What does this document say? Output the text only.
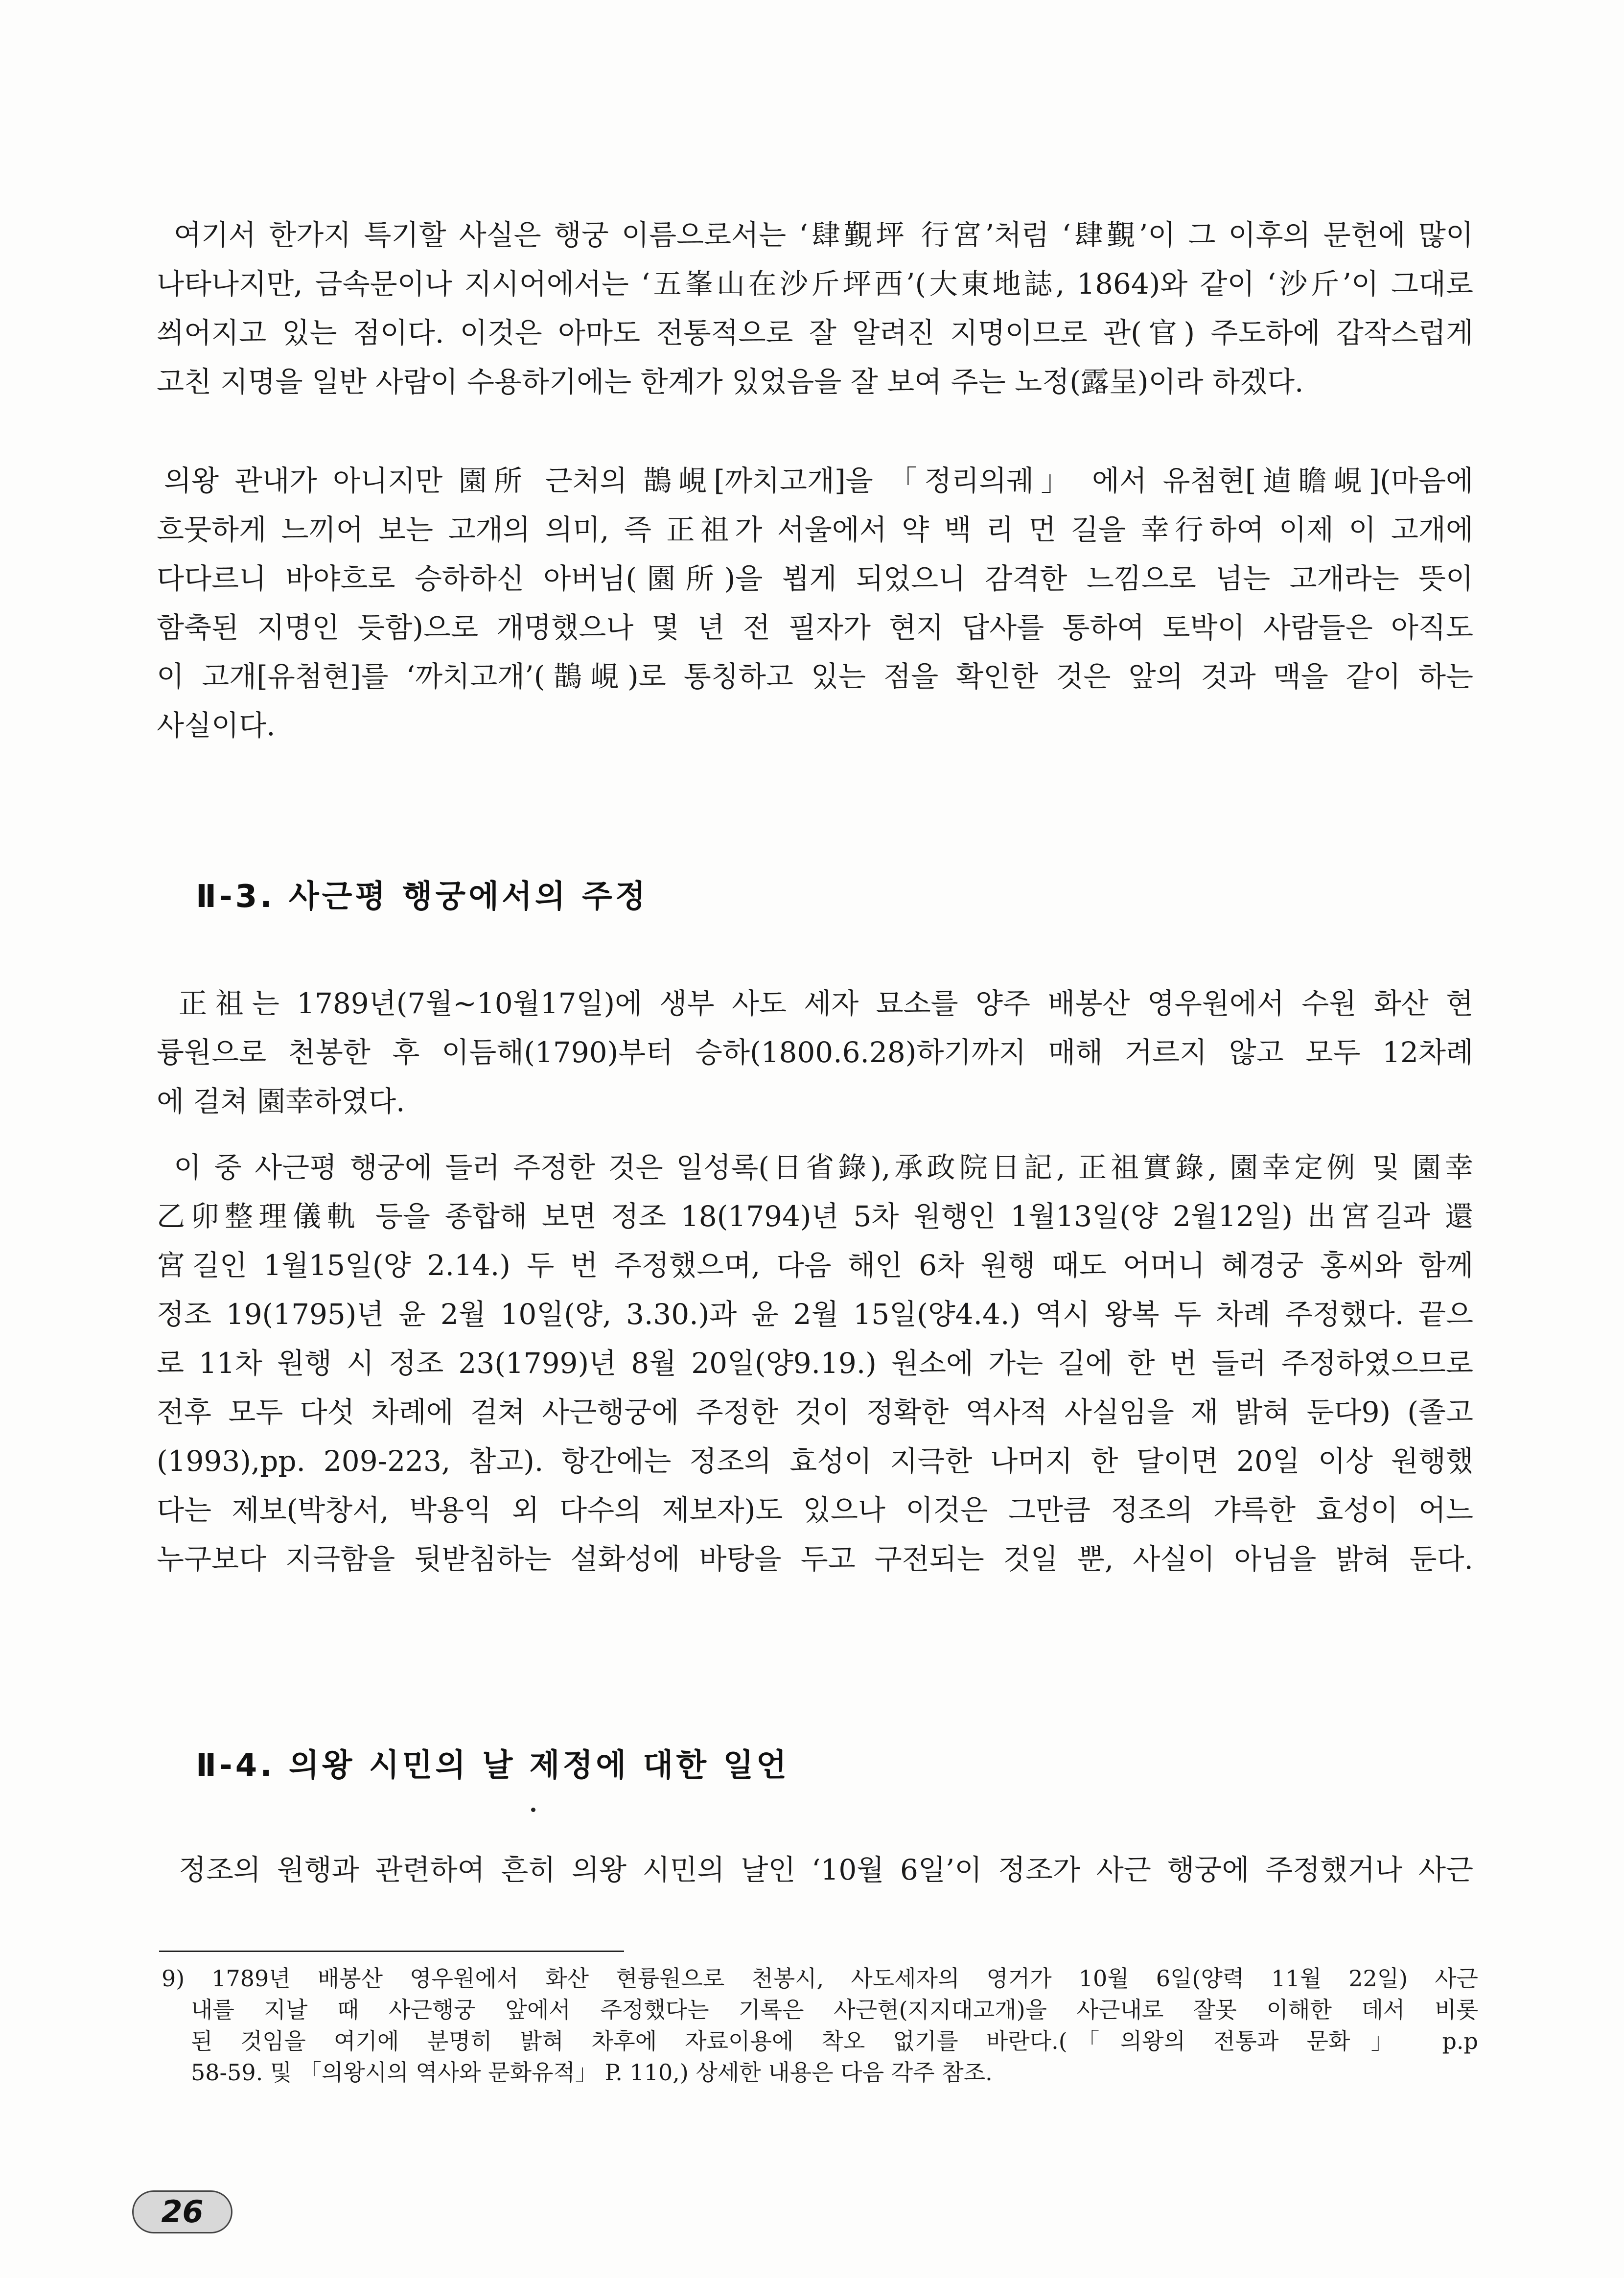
여기서 한가지 특기할 사실은 행궁 이름으로서는 ‘肆覲坪 行宮’처럼 ‘肆覲’이 그 이후의 문헌에 많이
나타나지만, 금속문이나 지시어에서는 ‘五峯山在沙斤坪西’(大東地誌, 1864)와 같이 ‘沙斤’이 그대로
씌어지고 있는 점이다. 이것은 아마도 전통적으로 잘 알려진 지명이므로 관(官) 주도하에 갑작스럽게
고친 지명을 일반 사람이 수용하기에는 한계가 있었음을 잘 보여 주는 노정(露呈)이라 하겠다.
의왕 관내가 아니지만 園所 근처의 鵲峴[까치고개]을 「정리의궤」 에서 유첨현[逌瞻峴](마음에
흐뭇하게 느끼어 보는 고개의 의미, 즉 正祖가 서울에서 약 백 리 먼 길을 幸行하여 이제 이 고개에
다다르니 바야흐로 승하하신 아버님(園所)을 뵙게 되었으니 감격한 느낌으로 넘는 고개라는 뜻이
함축된 지명인 듯함)으로 개명했으나 몇 년 전 필자가 현지 답사를 통하여 토박이 사람들은 아직도
이 고개[유첨현]를 ‘까치고개’(鵲峴)로 통칭하고 있는 점을 확인한 것은 앞의 것과 맥을 같이 하는
사실이다.
Ⅱ-3. 사근평 행궁에서의 주정
正祖는 1789년(7월~10월17일)에 생부 사도 세자 묘소를 양주 배봉산 영우원에서 수원 화산 현
륭원으로 천봉한 후 이듬해(1790)부터 승하(1800.6.28)하기까지 매해 거르지 않고 모두 12차례
에 걸쳐 園幸하였다.
이 중 사근평 행궁에 들러 주정한 것은 일성록(日省錄),承政院日記, 正祖實錄, 園幸定例 및 園幸
乙卯整理儀軌 등을 종합해 보면 정조 18(1794)년 5차 원행인 1월13일(양 2월12일) 出宮길과 還
宮길인 1월15일(양 2.14.) 두 번 주정했으며, 다음 해인 6차 원행 때도 어머니 혜경궁 홍씨와 함께
정조 19(1795)년 윤 2월 10일(양, 3.30.)과 윤 2월 15일(양4.4.) 역시 왕복 두 차례 주정했다. 끝으
로 11차 원행 시 정조 23(1799)년 8월 20일(양9.19.) 원소에 가는 길에 한 번 들러 주정하였으므로
전후 모두 다섯 차례에 걸쳐 사근행궁에 주정한 것이 정확한 역사적 사실임을 재 밝혀 둔다9) (졸고
(1993),pp. 209-223, 참고). 항간에는 정조의 효성이 지극한 나머지 한 달이면 20일 이상 원행했
다는 제보(박창서, 박용익 외 다수의 제보자)도 있으나 이것은 그만큼 정조의 갸륵한 효성이 어느
누구보다 지극함을 뒷받침하는 설화성에 바탕을 두고 구전되는 것일 뿐, 사실이 아님을 밝혀 둔다.
Ⅱ-4. 의왕 시민의 날 제정에 대한 일언
정조의 원행과 관련하여 흔히 의왕 시민의 날인 ‘10월 6일’이 정조가 사근 행궁에 주정했거나 사근
9) 1789년 배봉산 영우원에서 화산 현륭원으로 천봉시, 사도세자의 영거가 10월 6일(양력 11월 22일) 사근
내를 지날 때 사근행궁 앞에서 주정했다는 기록은 사근현(지지대고개)을 사근내로 잘못 이해한 데서 비롯
된 것임을 여기에 분명히 밝혀 차후에 자료이용에 착오 없기를 바란다.(「의왕의 전통과 문화」 p.p
58-59. 및 「의왕시의 역사와 문화유적」 P. 110,) 상세한 내용은 다음 각주 참조.
26
